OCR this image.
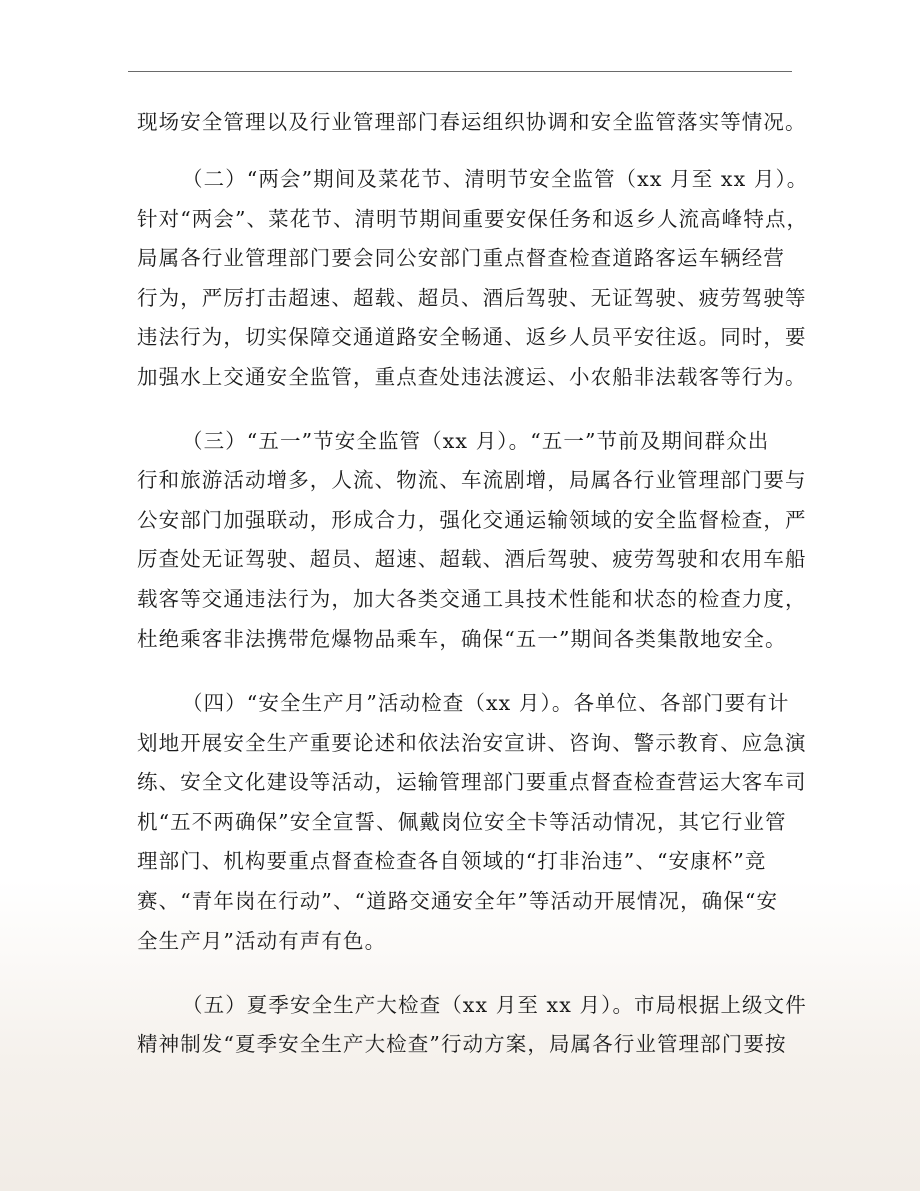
现场安全管理以及行业管理部门春运组织协调和安全监管落实等情况。
（二）“两会”期间及菜花节、清明节安全监管（xx 月至 xx 月）。
针对“两会”、菜花节、清明节期间重要安保任务和返乡人流高峰特点，
局属各行业管理部门要会同公安部门重点督查检查道路客运车辆经营
行为，严厉打击超速、超载、超员、酒后驾驶、无证驾驶、疲劳驾驶等
违法行为，切实保障交通道路安全畅通、返乡人员平安往返。同时，要
加强水上交通安全监管，重点查处违法渡运、小农船非法载客等行为。
（三）“五一”节安全监管（xx 月）。“五一”节前及期间群众出
行和旅游活动增多，人流、物流、车流剧增，局属各行业管理部门要与
公安部门加强联动，形成合力，强化交通运输领域的安全监督检查，严
厉查处无证驾驶、超员、超速、超载、酒后驾驶、疲劳驾驶和农用车船
载客等交通违法行为，加大各类交通工具技术性能和状态的检查力度，
杜绝乘客非法携带危爆物品乘车，确保“五一”期间各类集散地安全。
（四）“安全生产月”活动检查（xx 月）。各单位、各部门要有计
划地开展安全生产重要论述和依法治安宣讲、咨询、警示教育、应急演
练、安全文化建设等活动，运输管理部门要重点督查检查营运大客车司
机“五不两确保”安全宣誓、佩戴岗位安全卡等活动情况，其它行业管
理部门、机构要重点督查检查各自领域的“打非治违”、“安康杯”竞
赛、“青年岗在行动”、“道路交通安全年”等活动开展情况，确保“安
全生产月”活动有声有色。
（五）夏季安全生产大检查（xx 月至 xx 月）。市局根据上级文件
精神制发“夏季安全生产大检查”行动方案，局属各行业管理部门要按
